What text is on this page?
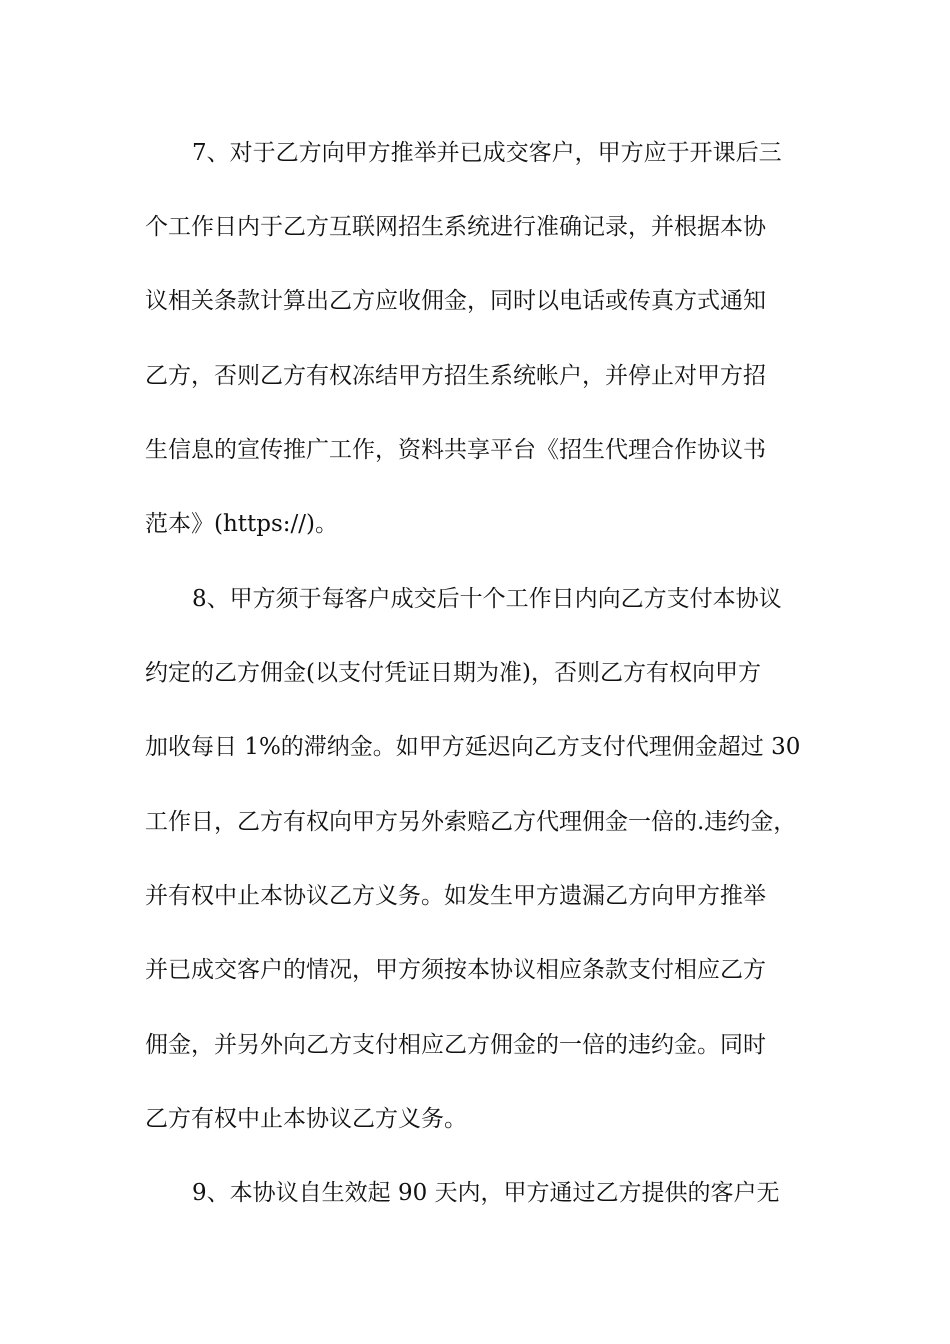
7、对于乙方向甲方推举并已成交客户，甲方应于开课后三
个工作日内于乙方互联网招生系统进行准确记录，并根据本协
议相关条款计算出乙方应收佣金，同时以电话或传真方式通知
乙方，否则乙方有权冻结甲方招生系统帐户，并停止对甲方招
生信息的宣传推广工作，资料共享平台《招生代理合作协议书
范本》(https://)。
8、甲方须于每客户成交后十个工作日内向乙方支付本协议
约定的乙方佣金(以支付凭证日期为准)，否则乙方有权向甲方
加收每日 1%的滞纳金。如甲方延迟向乙方支付代理佣金超过 30
工作日，乙方有权向甲方另外索赔乙方代理佣金一倍的.违约金，
并有权中止本协议乙方义务。如发生甲方遗漏乙方向甲方推举
并已成交客户的情况，甲方须按本协议相应条款支付相应乙方
佣金，并另外向乙方支付相应乙方佣金的一倍的违约金。同时
乙方有权中止本协议乙方义务。
9、本协议自生效起 90 天内，甲方通过乙方提供的客户无
